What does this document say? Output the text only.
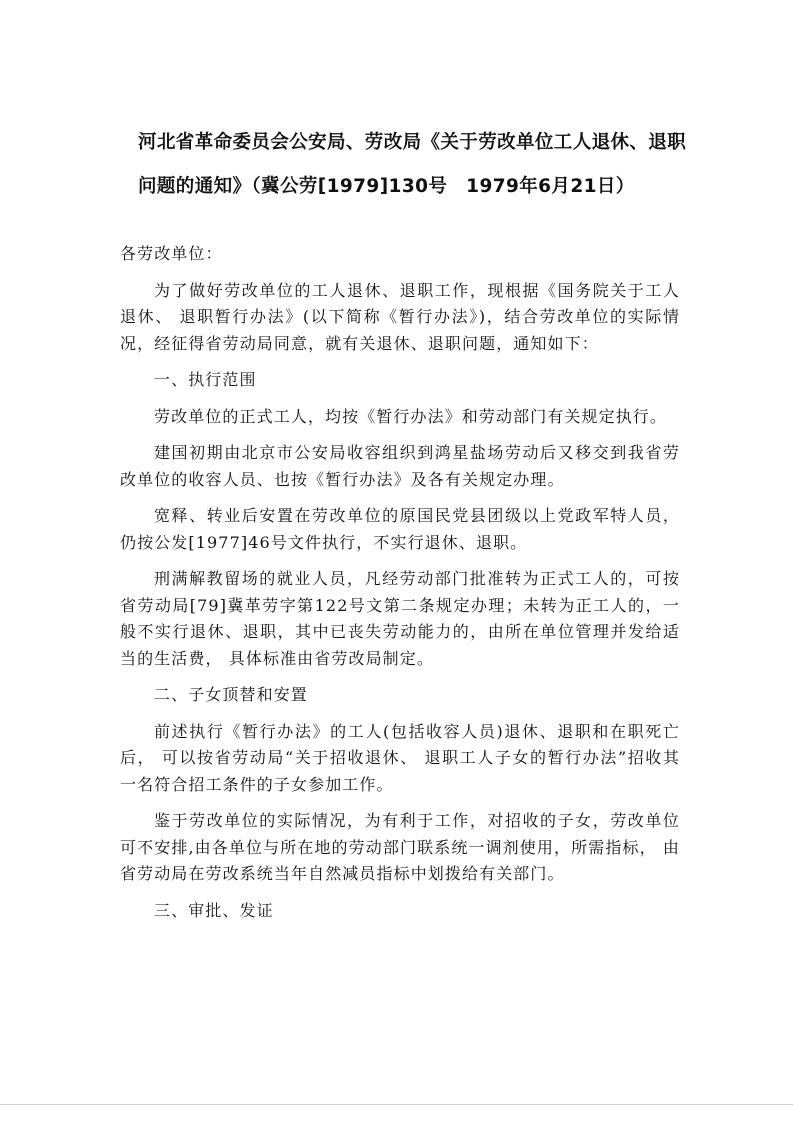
河北省革命委员会公安局、劳改局《关于劳改单位工人退休、退职问题的通知》（冀公劳[1979]130号　1979年6月21日）

各劳改单位：

为了做好劳改单位的工人退休、退职工作，现根据《国务院关于工人退休、 退职暂行办法》(以下简称《暂行办法》)，结合劳改单位的实际情况，经征得省劳动局同意，就有关退休、退职问题，通知如下：

一、执行范围

劳改单位的正式工人，均按《暂行办法》和劳动部门有关规定执行。

建国初期由北京市公安局收容组织到鸿星盐场劳动后又移交到我省劳改单位的收容人员、也按《暂行办法》及各有关规定办理。

宽释、转业后安置在劳改单位的原国民党县团级以上党政军特人员， 仍按公发[1977]46号文件执行，不实行退休、退职。

刑满解教留场的就业人员，凡经劳动部门批准转为正式工人的，可按省劳动局[79]冀革劳字第122号文第二条规定办理；未转为正工人的，一般不实行退休、退职，其中已丧失劳动能力的，由所在单位管理并发给适当的生活费， 具体标准由省劳改局制定。

二、子女顶替和安置

前述执行《暂行办法》的工人(包括收容人员)退休、退职和在职死亡后， 可以按省劳动局“关于招收退休、 退职工人子女的暂行办法”招收其一名符合招工条件的子女参加工作。

鉴于劳改单位的实际情况，为有利于工作，对招收的子女，劳改单位可不安排,由各单位与所在地的劳动部门联系统一调剂使用，所需指标， 由省劳动局在劳改系统当年自然减员指标中划拨给有关部门。

三、审批、发证
